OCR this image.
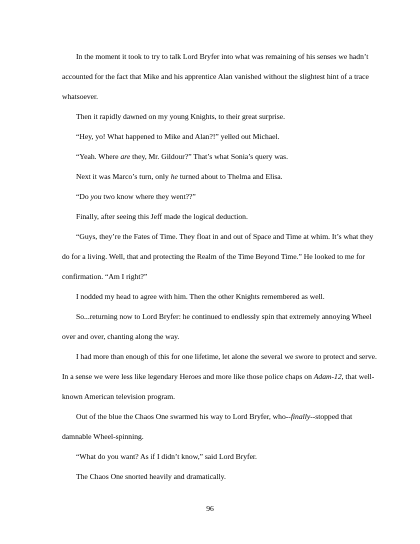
In the moment it took to try to talk Lord Bryfer into what was remaining of his senses we hadn’t accounted for the fact that Mike and his apprentice Alan vanished without the slightest hint of a trace whatsoever.

Then it rapidly dawned on my young Knights, to their great surprise.

“Hey, yo! What happened to Mike and Alan?!” yelled out Michael.

“Yeah. Where are they, Mr. Gildour?” That’s what Sonia’s query was.

Next it was Marco’s turn, only he turned about to Thelma and Elisa.

“Do you two know where they went??”

Finally, after seeing this Jeff made the logical deduction.

“Guys, they’re the Fates of Time. They float in and out of Space and Time at whim. It’s what they do for a living. Well, that and protecting the Realm of the Time Beyond Time.” He looked to me for confirmation. “Am I right?”

I nodded my head to agree with him. Then the other Knights remembered as well.

So...returning now to Lord Bryfer: he continued to endlessly spin that extremely annoying Wheel over and over, chanting along the way.

I had more than enough of this for one lifetime, let alone the several we swore to protect and serve. In a sense we were less like legendary Heroes and more like those police chaps on Adam-12, that well-known American television program.

Out of the blue the Chaos One swarmed his way to Lord Bryfer, who--finally--stopped that damnable Wheel-spinning.

“What do you want? As if I didn’t know,” said Lord Bryfer.

The Chaos One snorted heavily and dramatically.

96
